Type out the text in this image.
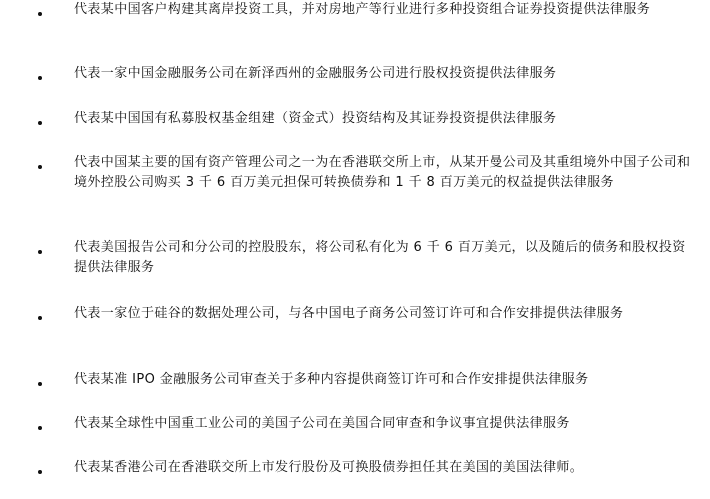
代表某中国客户构建其离岸投资工具，并对房地产等行业进行多种投资组合证券投资提供法律服务
代表一家中国金融服务公司在新泽西州的金融服务公司进行股权投资提供法律服务
代表某中国国有私募股权基金组建（资金式）投资结构及其证券投资提供法律服务
代表中国某主要的国有资产管理公司之一为在香港联交所上市，从某开曼公司及其重组境外中国子公司和境外控股公司购买 3 千 6 百万美元担保可转换债券和 1 千 8 百万美元的权益提供法律服务
代表美国报告公司和分公司的控股股东，将公司私有化为 6 千 6 百万美元，以及随后的债务和股权投资提供法律服务
代表一家位于硅谷的数据处理公司，与各中国电子商务公司签订许可和合作安排提供法律服务
代表某准 IPO 金融服务公司审查关于多种内容提供商签订许可和合作安排提供法律服务
代表某全球性中国重工业公司的美国子公司在美国合同审查和争议事宜提供法律服务
代表某香港公司在香港联交所上市发行股份及可换股债券担任其在美国的美国法律师。
